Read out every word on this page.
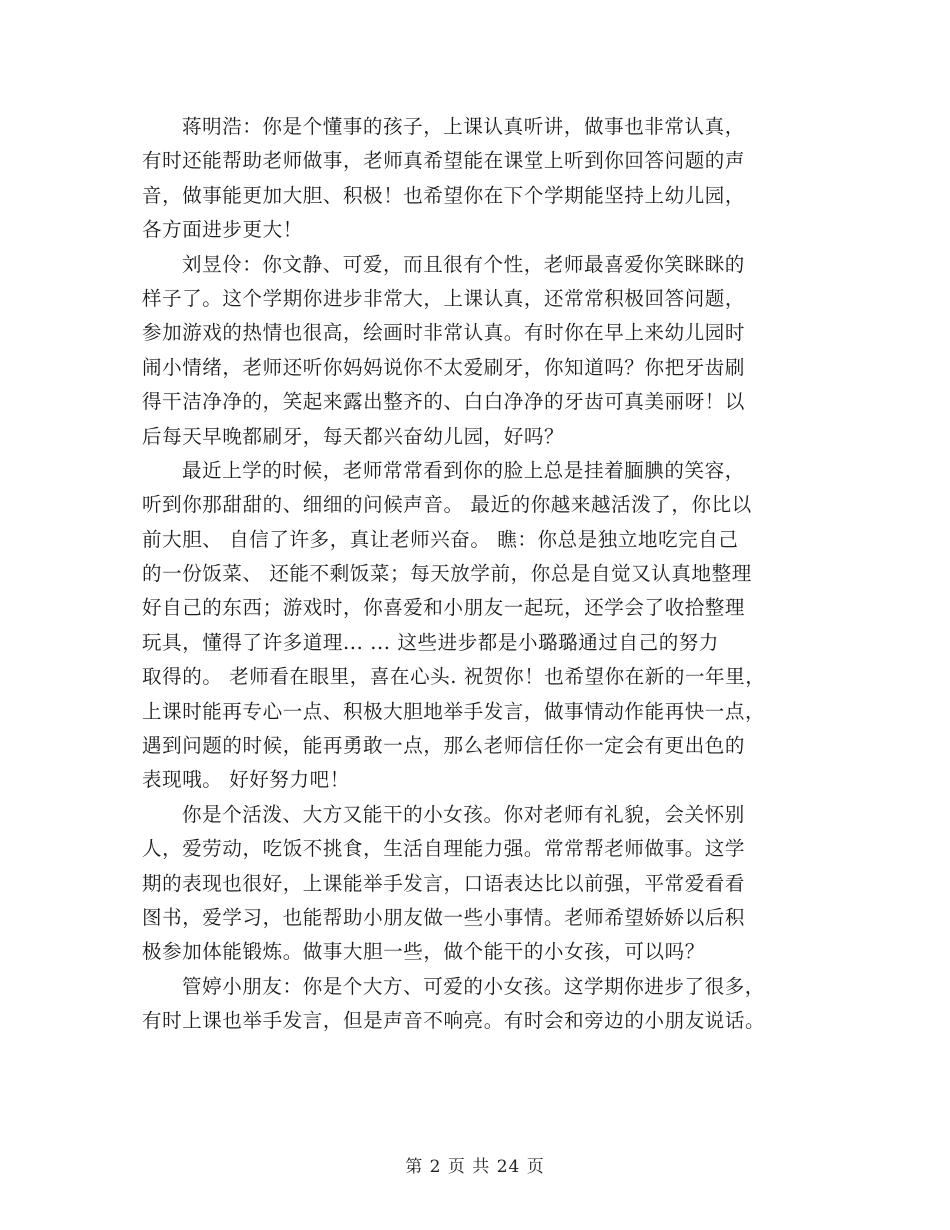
蒋明浩：你是个懂事的孩子，上课认真听讲，做事也非常认真，
有时还能帮助老师做事，老师真希望能在课堂上听到你回答问题的声
音，做事能更加大胆、积极！也希望你在下个学期能坚持上幼儿园，
各方面进步更大！
刘昱伶：你文静、可爱，而且很有个性，老师最喜爱你笑眯眯的
样子了。这个学期你进步非常大，上课认真，还常常积极回答问题，
参加游戏的热情也很高，绘画时非常认真。有时你在早上来幼儿园时
闹小情绪，老师还听你妈妈说你不太爱刷牙，你知道吗？你把牙齿刷
得干洁净净的，笑起来露出整齐的、白白净净的牙齿可真美丽呀！以
后每天早晚都刷牙，每天都兴奋幼儿园，好吗？
最近上学的时候，老师常常看到你的脸上总是挂着腼腆的笑容，
听到你那甜甜的、细细的问候声音。 最近的你越来越活泼了，你比以
前大胆、 自信了许多，真让老师兴奋。 瞧：你总是独立地吃完自己
的一份饭菜、 还能不剩饭菜；每天放学前，你总是自觉又认真地整理
好自己的东西；游戏时，你喜爱和小朋友一起玩，还学会了收拾整理
玩具，懂得了许多道理... ... 这些进步都是小璐璐通过自己的努力
取得的。 老师看在眼里，喜在心头. 祝贺你！也希望你在新的一年里，
上课时能再专心一点、积极大胆地举手发言，做事情动作能再快一点，
遇到问题的时候，能再勇敢一点，那么老师信任你一定会有更出色的
表现哦。 好好努力吧！
你是个活泼、大方又能干的小女孩。你对老师有礼貌，会关怀别
人，爱劳动，吃饭不挑食，生活自理能力强。常常帮老师做事。这学
期的表现也很好，上课能举手发言，口语表达比以前强，平常爱看看
图书，爱学习，也能帮助小朋友做一些小事情。老师希望娇娇以后积
极参加体能锻炼。做事大胆一些，做个能干的小女孩，可以吗？
管婷小朋友：你是个大方、可爱的小女孩。这学期你进步了很多，
有时上课也举手发言，但是声音不响亮。有时会和旁边的小朋友说话。
第 2 页 共 24 页
